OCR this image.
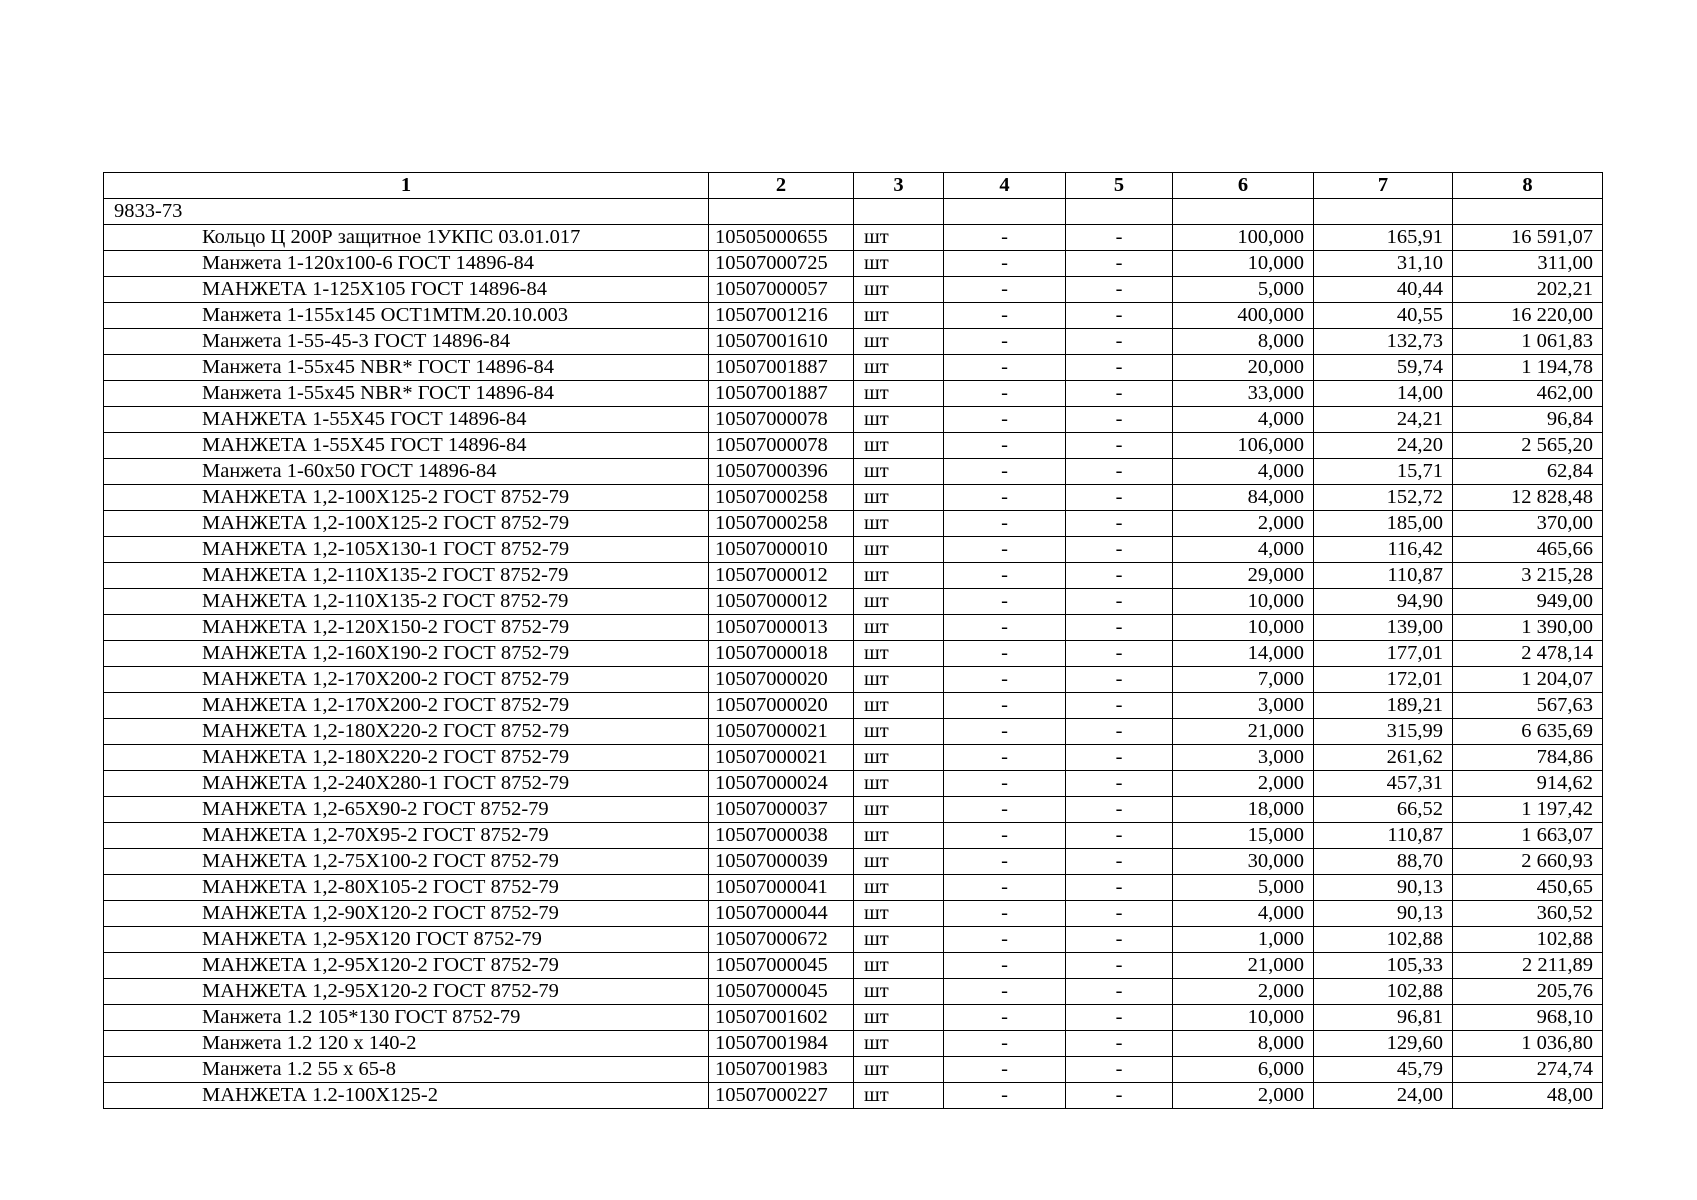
1	2	3	4	5	6	7	8
9833-73							
Кольцо Ц 200Р защитное 1УКПС 03.01.017	10505000655	шт	-	-	100,000	165,91	16 591,07
Манжета 1-120х100-6 ГОСТ 14896-84	10507000725	шт	-	-	10,000	31,10	311,00
МАНЖЕТА 1-125Х105 ГОСТ 14896-84	10507000057	шт	-	-	5,000	40,44	202,21
Манжета 1-155х145 ОСТ1МТМ.20.10.003	10507001216	шт	-	-	400,000	40,55	16 220,00
Манжета 1-55-45-3 ГОСТ 14896-84	10507001610	шт	-	-	8,000	132,73	1 061,83
Манжета 1-55х45 NBR* ГОСТ 14896-84	10507001887	шт	-	-	20,000	59,74	1 194,78
Манжета 1-55х45 NBR* ГОСТ 14896-84	10507001887	шт	-	-	33,000	14,00	462,00
МАНЖЕТА 1-55Х45 ГОСТ 14896-84	10507000078	шт	-	-	4,000	24,21	96,84
МАНЖЕТА 1-55Х45 ГОСТ 14896-84	10507000078	шт	-	-	106,000	24,20	2 565,20
Манжета 1-60х50 ГОСТ 14896-84	10507000396	шт	-	-	4,000	15,71	62,84
МАНЖЕТА 1,2-100Х125-2 ГОСТ 8752-79	10507000258	шт	-	-	84,000	152,72	12 828,48
МАНЖЕТА 1,2-100Х125-2 ГОСТ 8752-79	10507000258	шт	-	-	2,000	185,00	370,00
МАНЖЕТА 1,2-105Х130-1 ГОСТ 8752-79	10507000010	шт	-	-	4,000	116,42	465,66
МАНЖЕТА 1,2-110Х135-2 ГОСТ 8752-79	10507000012	шт	-	-	29,000	110,87	3 215,28
МАНЖЕТА 1,2-110Х135-2 ГОСТ 8752-79	10507000012	шт	-	-	10,000	94,90	949,00
МАНЖЕТА 1,2-120Х150-2 ГОСТ 8752-79	10507000013	шт	-	-	10,000	139,00	1 390,00
МАНЖЕТА 1,2-160Х190-2 ГОСТ 8752-79	10507000018	шт	-	-	14,000	177,01	2 478,14
МАНЖЕТА 1,2-170Х200-2 ГОСТ 8752-79	10507000020	шт	-	-	7,000	172,01	1 204,07
МАНЖЕТА 1,2-170Х200-2 ГОСТ 8752-79	10507000020	шт	-	-	3,000	189,21	567,63
МАНЖЕТА 1,2-180Х220-2 ГОСТ 8752-79	10507000021	шт	-	-	21,000	315,99	6 635,69
МАНЖЕТА 1,2-180Х220-2 ГОСТ 8752-79	10507000021	шт	-	-	3,000	261,62	784,86
МАНЖЕТА 1,2-240Х280-1 ГОСТ 8752-79	10507000024	шт	-	-	2,000	457,31	914,62
МАНЖЕТА 1,2-65Х90-2 ГОСТ 8752-79	10507000037	шт	-	-	18,000	66,52	1 197,42
МАНЖЕТА 1,2-70Х95-2 ГОСТ 8752-79	10507000038	шт	-	-	15,000	110,87	1 663,07
МАНЖЕТА 1,2-75Х100-2 ГОСТ 8752-79	10507000039	шт	-	-	30,000	88,70	2 660,93
МАНЖЕТА 1,2-80Х105-2 ГОСТ 8752-79	10507000041	шт	-	-	5,000	90,13	450,65
МАНЖЕТА 1,2-90Х120-2 ГОСТ 8752-79	10507000044	шт	-	-	4,000	90,13	360,52
МАНЖЕТА 1,2-95Х120 ГОСТ 8752-79	10507000672	шт	-	-	1,000	102,88	102,88
МАНЖЕТА 1,2-95Х120-2 ГОСТ 8752-79	10507000045	шт	-	-	21,000	105,33	2 211,89
МАНЖЕТА 1,2-95Х120-2 ГОСТ 8752-79	10507000045	шт	-	-	2,000	102,88	205,76
Манжета 1.2 105*130 ГОСТ 8752-79	10507001602	шт	-	-	10,000	96,81	968,10
Манжета 1.2 120 х 140-2	10507001984	шт	-	-	8,000	129,60	1 036,80
Манжета 1.2 55 х 65-8	10507001983	шт	-	-	6,000	45,79	274,74
МАНЖЕТА 1.2-100Х125-2	10507000227	шт	-	-	2,000	24,00	48,00
